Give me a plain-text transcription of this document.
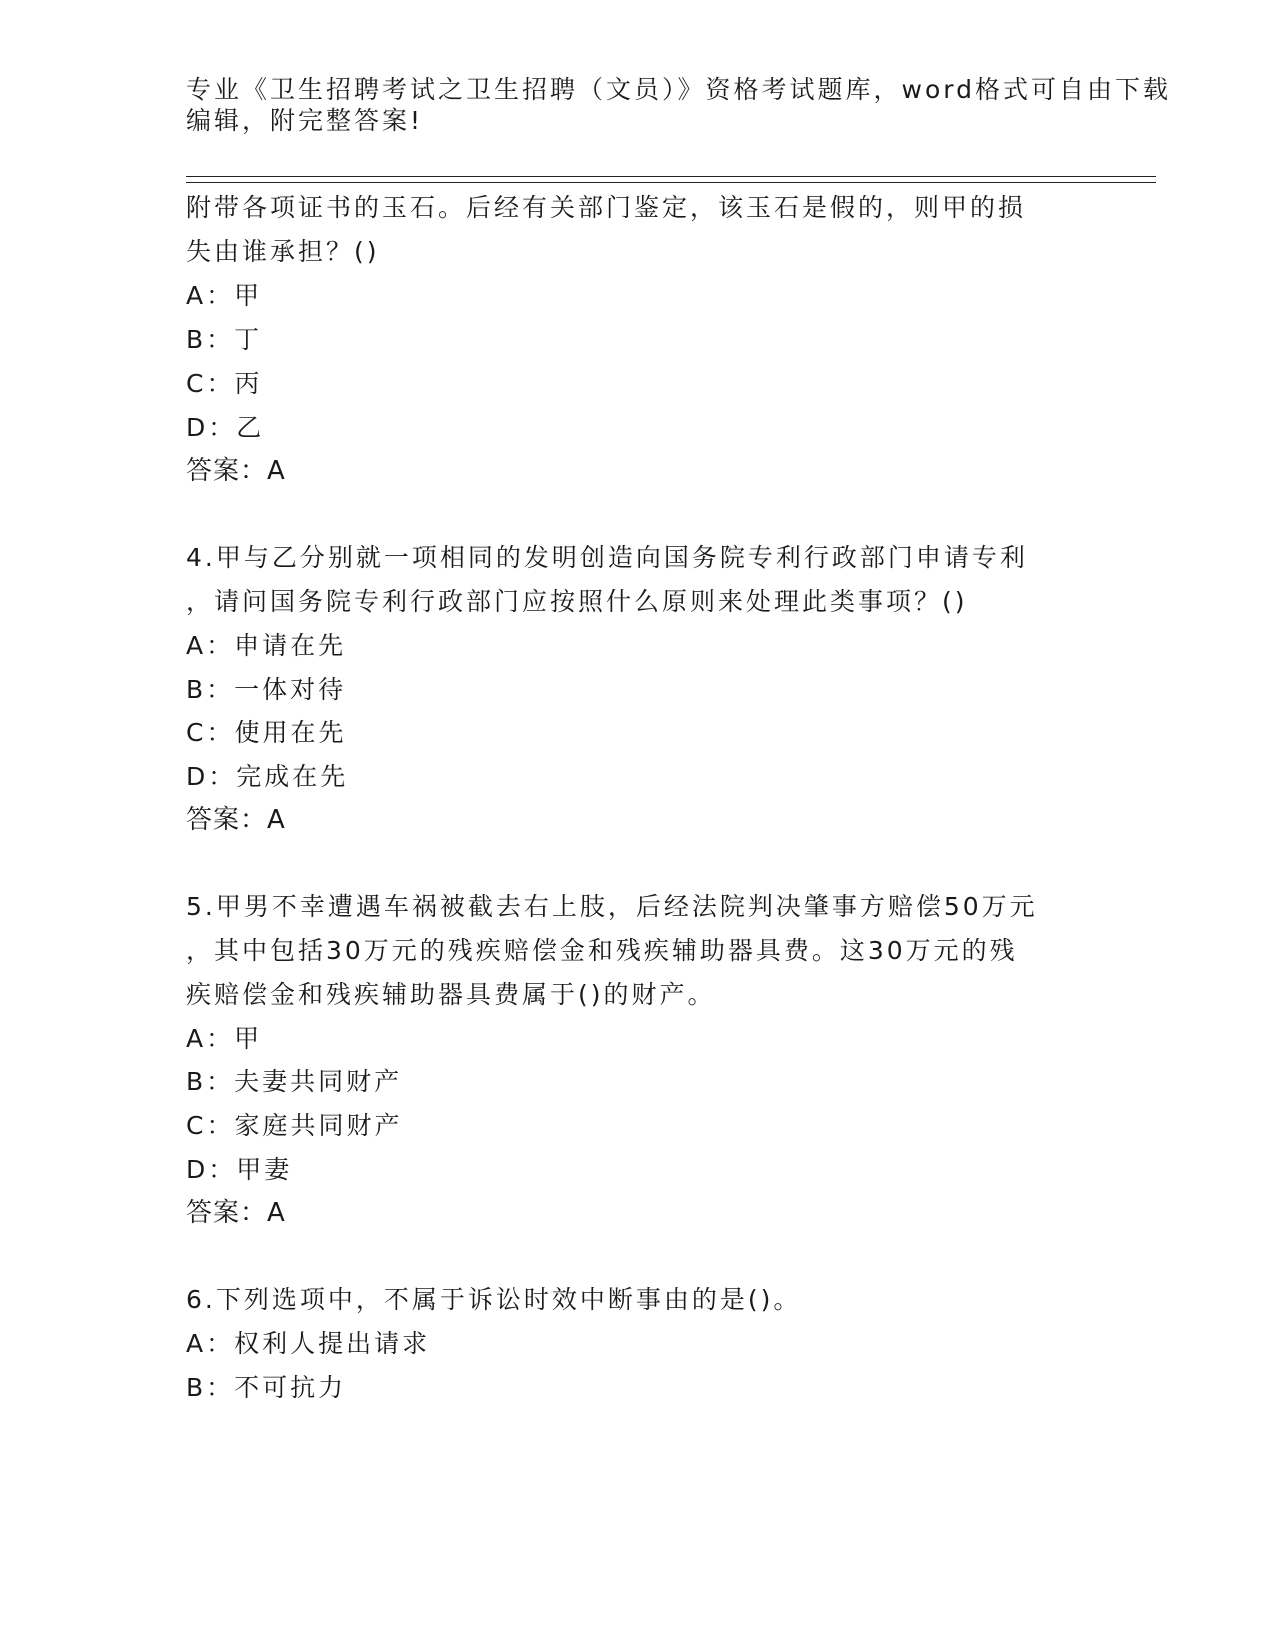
专业《卫生招聘考试之卫生招聘（文员）》资格考试题库，word格式可自由下载
编辑，附完整答案!
附带各项证书的玉石。后经有关部门鉴定，该玉石是假的，则甲的损
失由谁承担？()
A：甲
B：丁
C：丙
D：乙
答案：A
4.甲与乙分别就一项相同的发明创造向国务院专利行政部门申请专利
，请问国务院专利行政部门应按照什么原则来处理此类事项？()
A：申请在先
B：一体对待
C：使用在先
D：完成在先
答案：A
5.甲男不幸遭遇车祸被截去右上肢，后经法院判决肇事方赔偿50万元
，其中包括30万元的残疾赔偿金和残疾辅助器具费。这30万元的残
疾赔偿金和残疾辅助器具费属于()的财产。
A：甲
B：夫妻共同财产
C：家庭共同财产
D：甲妻
答案：A
6.下列选项中，不属于诉讼时效中断事由的是()。
A：权利人提出请求
B：不可抗力
